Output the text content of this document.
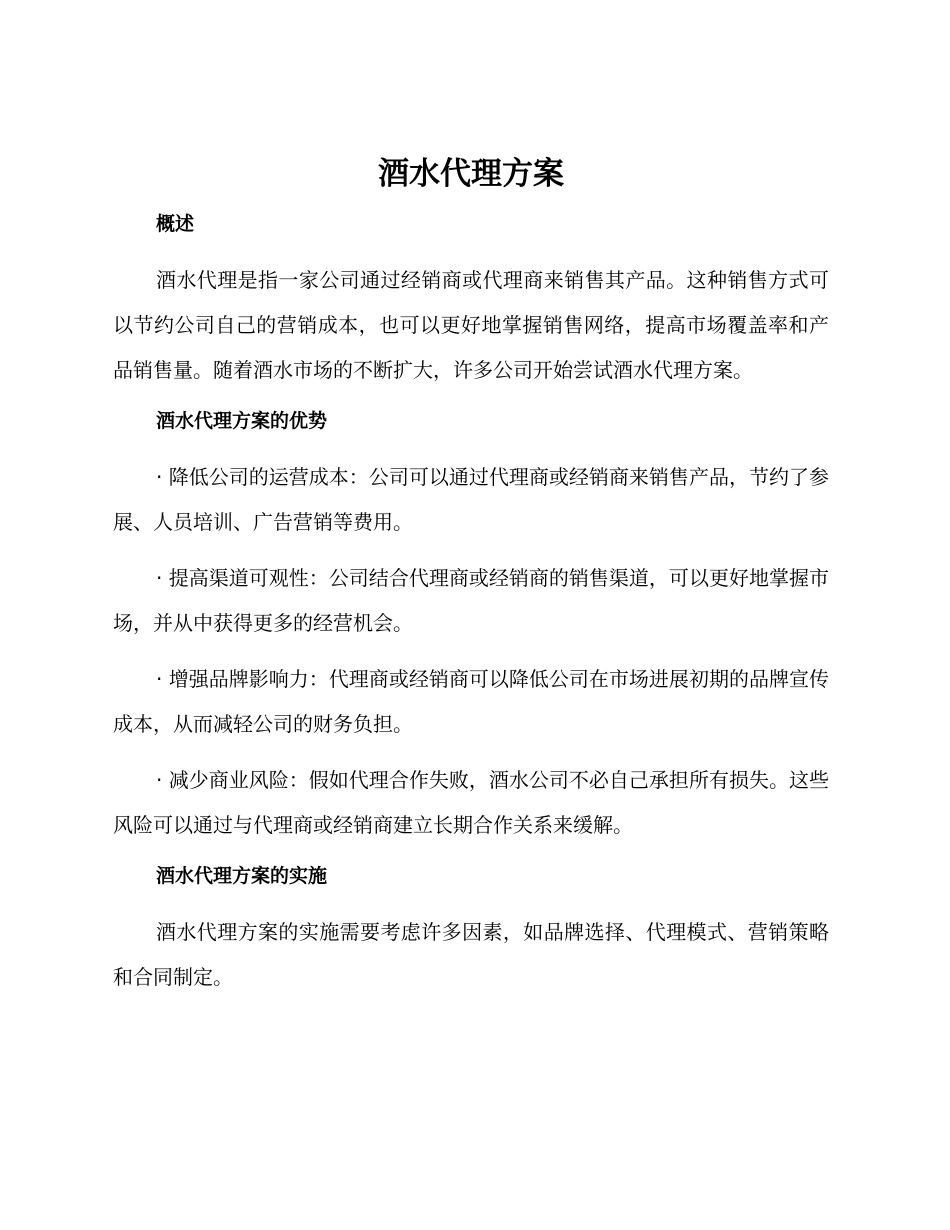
酒水代理方案
概述

酒水代理是指一家公司通过经销商或代理商来销售其产品。这种销售方式可以节约公司自己的营销成本，也可以更好地掌握销售网络，提高市场覆盖率和产品销售量。随着酒水市场的不断扩大，许多公司开始尝试酒水代理方案。

酒水代理方案的优势

· 降低公司的运营成本：公司可以通过代理商或经销商来销售产品，节约了参展、人员培训、广告营销等费用。

· 提高渠道可观性：公司结合代理商或经销商的销售渠道，可以更好地掌握市场，并从中获得更多的经营机会。

· 增强品牌影响力：代理商或经销商可以降低公司在市场进展初期的品牌宣传成本，从而减轻公司的财务负担。

· 减少商业风险：假如代理合作失败，酒水公司不必自己承担所有损失。这些风险可以通过与代理商或经销商建立长期合作关系来缓解。

酒水代理方案的实施

酒水代理方案的实施需要考虑许多因素，如品牌选择、代理模式、营销策略和合同制定。
